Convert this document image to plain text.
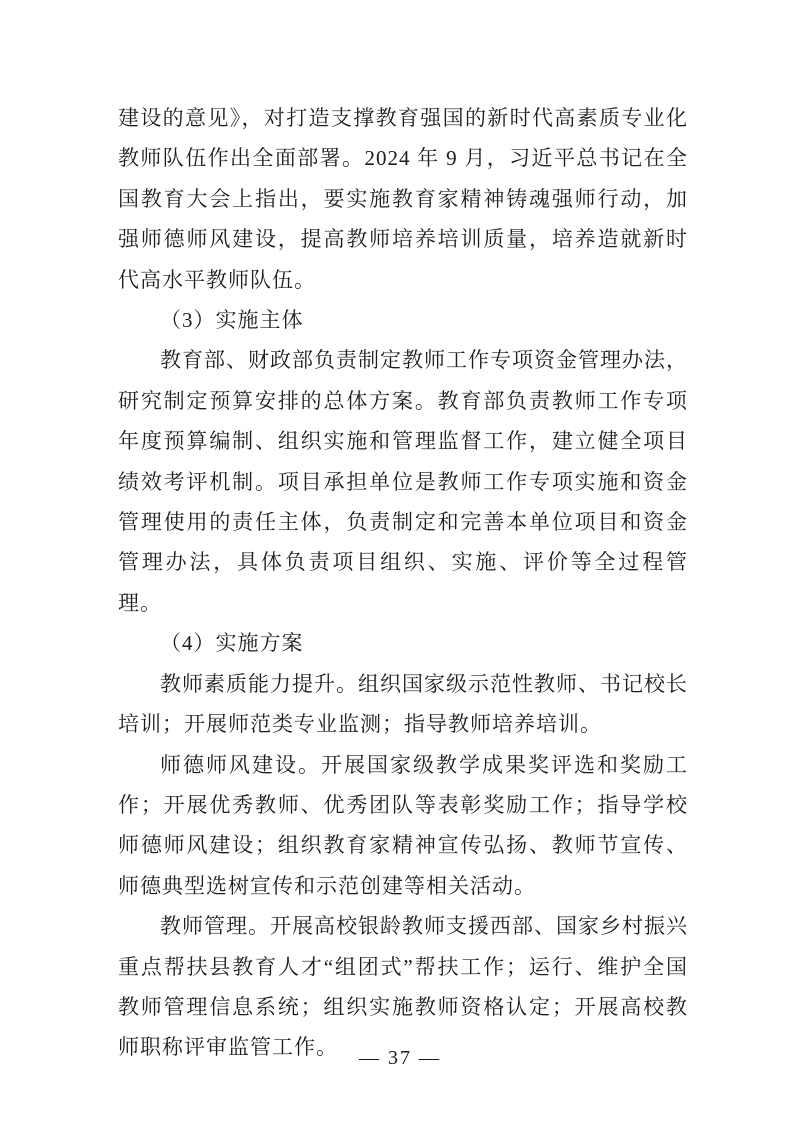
建设的意见》，对打造支撑教育强国的新时代高素质专业化教师队伍作出全面部署。2024 年 9 月，习近平总书记在全国教育大会上指出，要实施教育家精神铸魂强师行动，加强师德师风建设，提高教师培养培训质量，培养造就新时代高水平教师队伍。

（3）实施主体

教育部、财政部负责制定教师工作专项资金管理办法，研究制定预算安排的总体方案。教育部负责教师工作专项年度预算编制、组织实施和管理监督工作，建立健全项目绩效考评机制。项目承担单位是教师工作专项实施和资金管理使用的责任主体，负责制定和完善本单位项目和资金管理办法，具体负责项目组织、实施、评价等全过程管理。

（4）实施方案

教师素质能力提升。组织国家级示范性教师、书记校长培训；开展师范类专业监测；指导教师培养培训。

师德师风建设。开展国家级教学成果奖评选和奖励工作；开展优秀教师、优秀团队等表彰奖励工作；指导学校师德师风建设；组织教育家精神宣传弘扬、教师节宣传、师德典型选树宣传和示范创建等相关活动。

教师管理。开展高校银龄教师支援西部、国家乡村振兴重点帮扶县教育人才“组团式”帮扶工作；运行、维护全国教师管理信息系统；组织实施教师资格认定；开展高校教师职称评审监管工作。	— 37 —
